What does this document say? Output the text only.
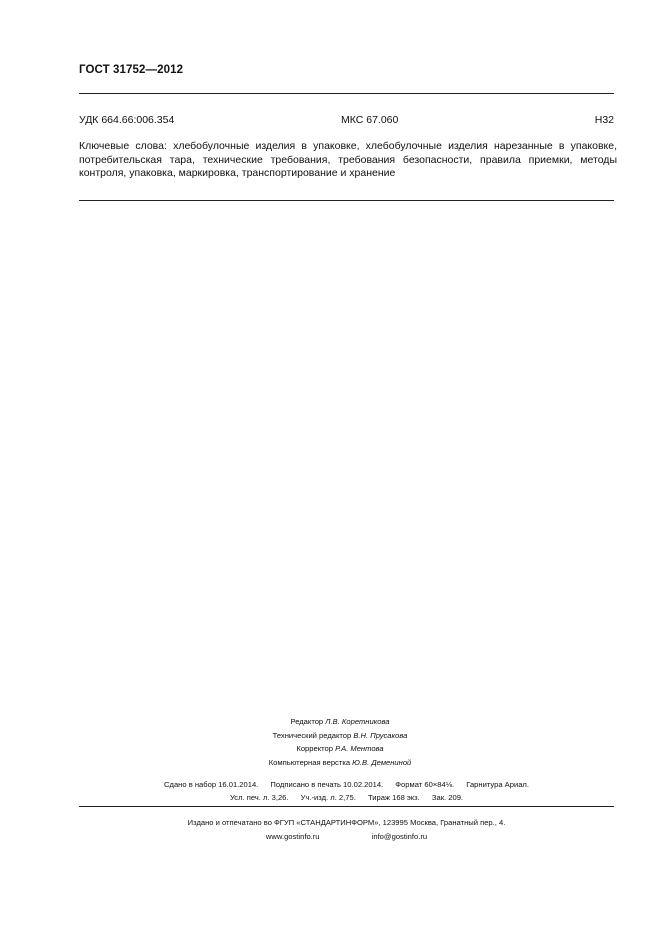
ГОСТ 31752—2012
УДК 664.66:006.354	МКС 67.060	Н32
Ключевые слова: хлебобулочные изделия в упаковке, хлебобулочные изделия нарезанные в упаковке, потребительская тара, технические требования, требования безопасности, правила приемки, методы контроля, упаковка, маркировка, транспортирование и хранение
Редактор Л.В. Коретникова
Технический редактор В.Н. Прусакова
Корректор Р.А. Ментова
Компьютерная верстка Ю.В. Демениной
Сдано в набор 16.01.2014. Подписано в печать 10.02.2014. Формат 60×84⅛. Гарнитура Ариал.
Усл. печ. л. 3,26. Уч.-изд. л. 2,75. Тираж 168 экз. Зак. 209.
Издано и отпечатано во ФГУП «СТАНДАРТИНФОРМ», 123995 Москва, Гранатный пер., 4.
www.gostinfo.ru	info@gostinfo.ru
